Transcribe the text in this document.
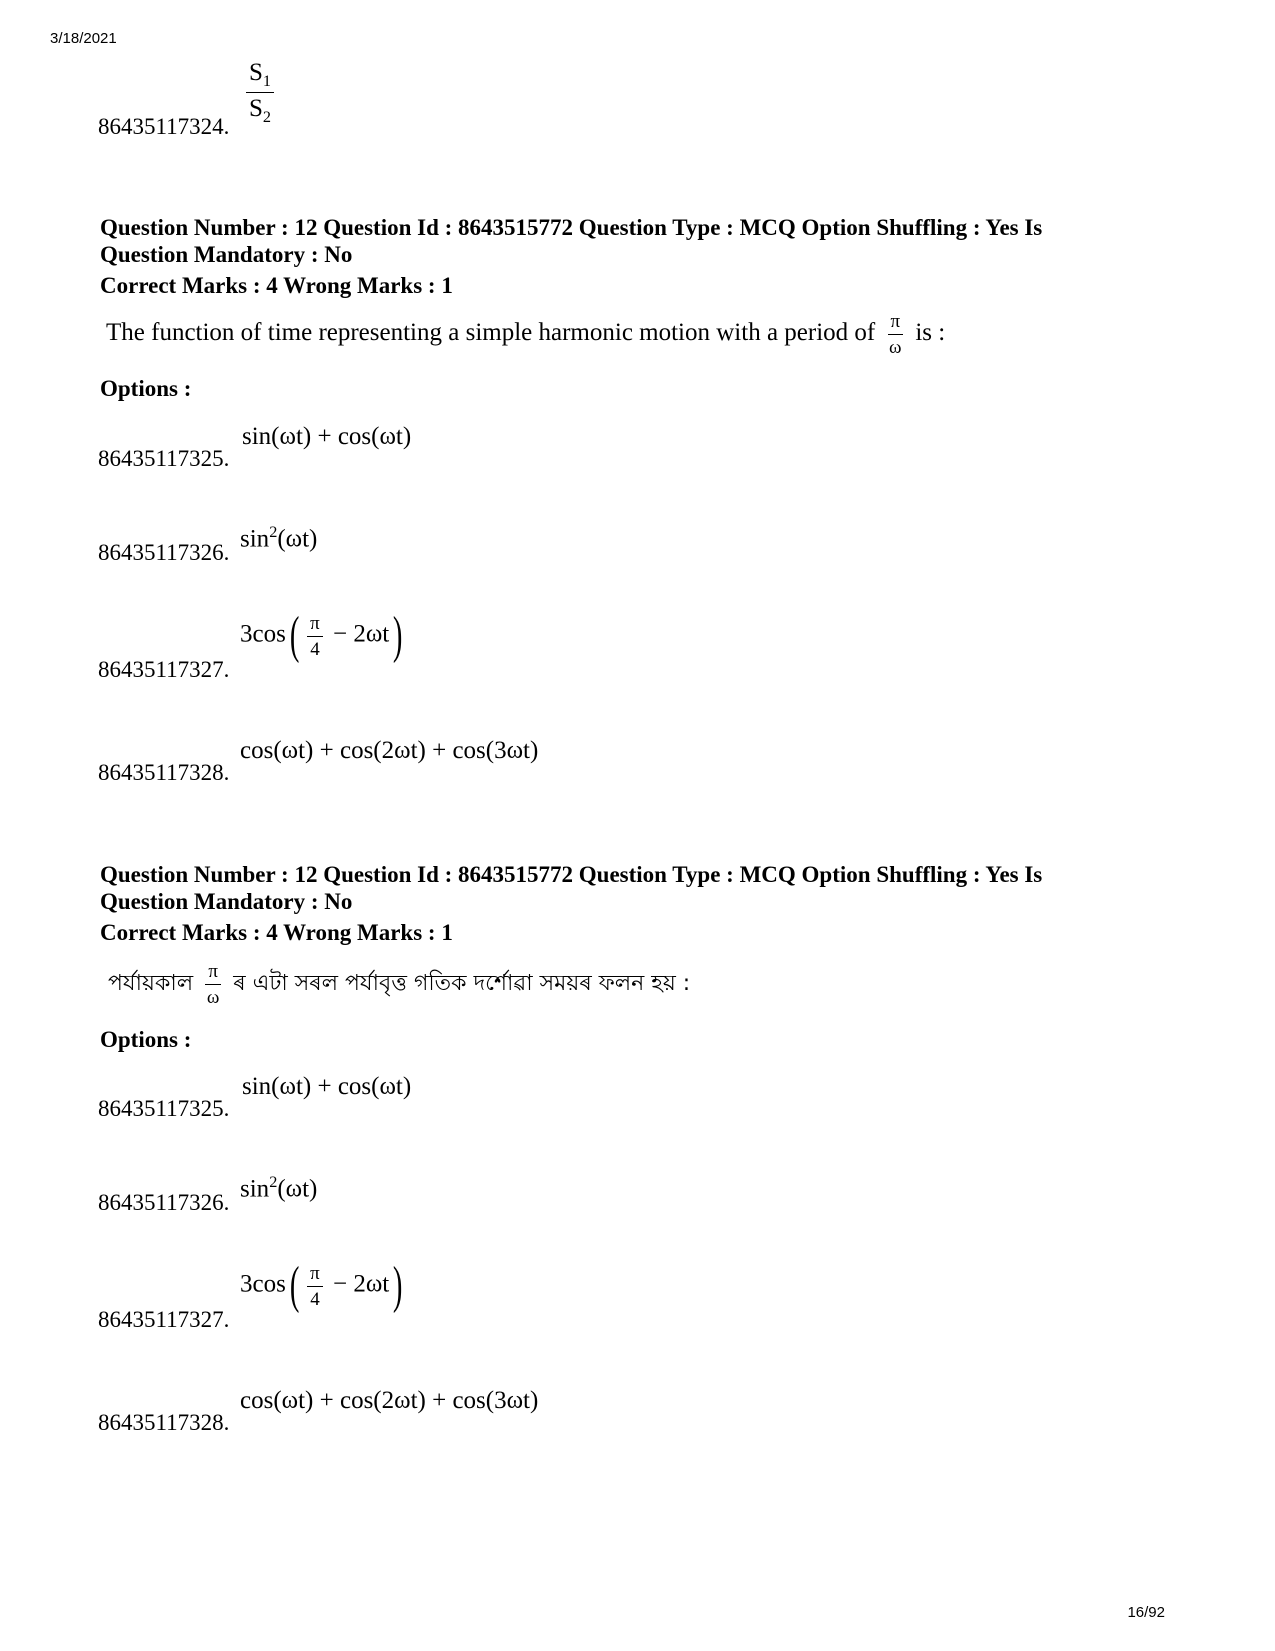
3/18/2021
$\frac{S_1}{S_2}$
86435117324.
Question Number : 12 Question Id : 8643515772 Question Type : MCQ Option Shuffling : Yes Is
Question Mandatory : No
Correct Marks : 4 Wrong Marks : 1
The function of time representing a simple harmonic motion with a period of $\frac{\pi}{\omega}$ is :
Options :
sin(ωt) + cos(ωt)
86435117325.
$\sin^2(\omega t)$
86435117326.
$3\cos( \frac{\pi}{4} - 2\omega t)$
86435117327.
cos(ωt) + cos(2ωt) + cos(3ωt)
86435117328.
Question Number : 12 Question Id : 8643515772 Question Type : MCQ Option Shuffling : Yes Is
Question Mandatory : No
Correct Marks : 4 Wrong Marks : 1
পৰ্যায়কাল $\frac{\pi}{\omega}$ ৰ এটা সৰল পৰ্যাবৃত্ত গতিক দৰ্শোৱা সময়ৰ ফলন হয় :
Options :
sin(ωt) + cos(ωt)
86435117325.
$\sin^2(\omega t)$
86435117326.
$3\cos( \frac{\pi}{4} - 2\omega t)$
86435117327.
cos(ωt) + cos(2ωt) + cos(3ωt)
86435117328.
16/92
